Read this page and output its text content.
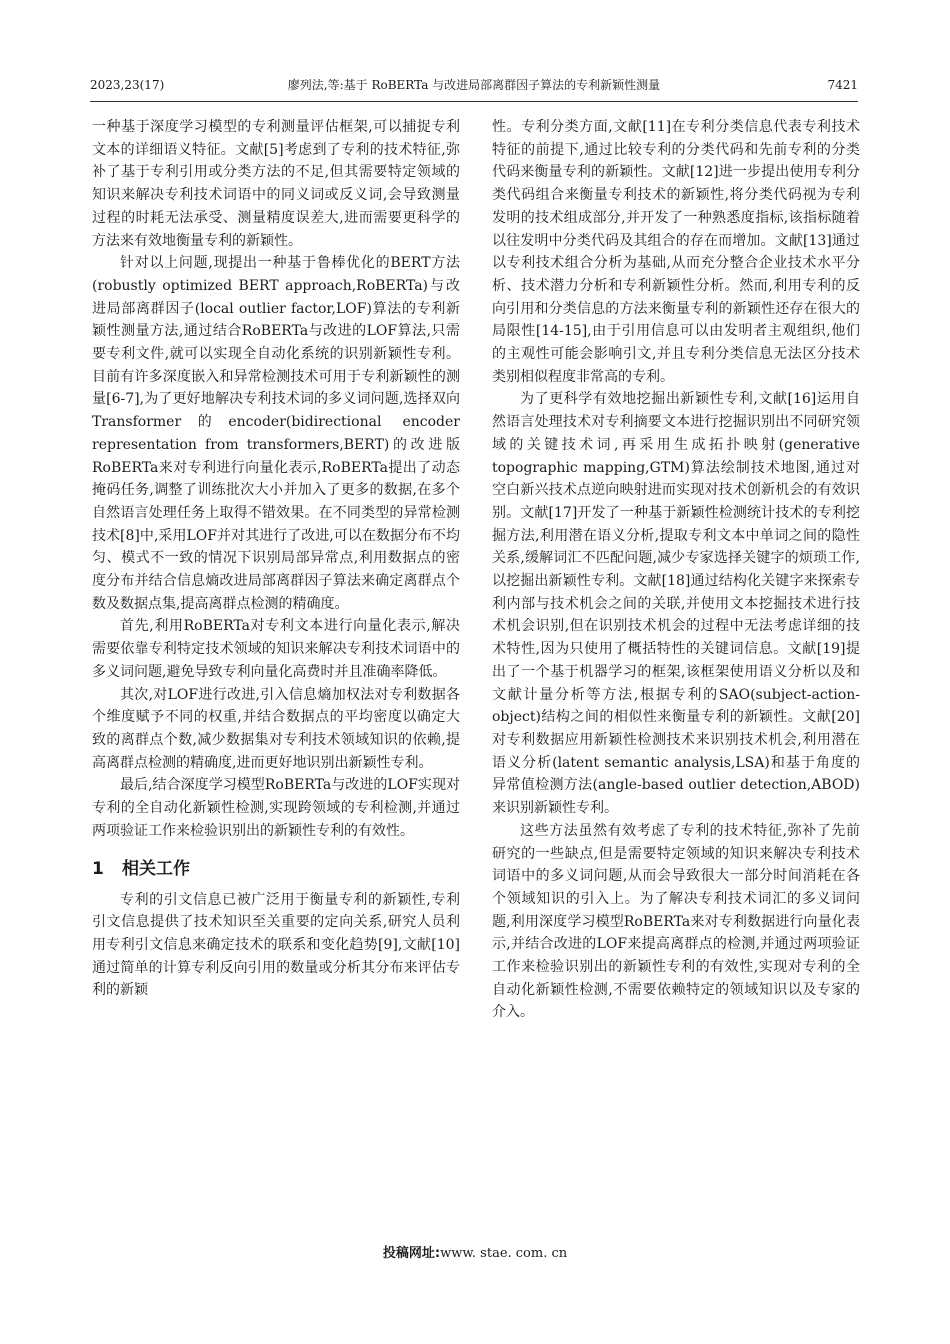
2023,23(17)	廖列法,等:基于 RoBERTa 与改进局部离群因子算法的专利新颖性测量	7421

一种基于深度学习模型的专利测量评估框架,可以捕捉专利文本的详细语义特征。文献[5]考虑到了专利的技术特征,弥补了基于专利引用或分类方法的不足,但其需要特定领域的知识来解决专利技术词语中的同义词或反义词,会导致测量过程的时耗无法承受、测量精度误差大,进而需要更科学的方法来有效地衡量专利的新颖性。

针对以上问题,现提出一种基于鲁棒优化的BERT方法(robustly optimized BERT approach,RoBERTa)与改进局部离群因子(local outlier factor,LOF)算法的专利新颖性测量方法,通过结合RoBERTa与改进的LOF算法,只需要专利文件,就可以实现全自动化系统的识别新颖性专利。目前有许多深度嵌入和异常检测技术可用于专利新颖性的测量[6-7],为了更好地解决专利技术词的多义词问题,选择双向Transformer的encoder(bidirectional encoder representation from transformers,BERT)的改进版RoBERTa来对专利进行向量化表示,RoBERTa提出了动态掩码任务,调整了训练批次大小并加入了更多的数据,在多个自然语言处理任务上取得不错效果。在不同类型的异常检测技术[8]中,采用LOF并对其进行了改进,可以在数据分布不均匀、模式不一致的情况下识别局部异常点,利用数据点的密度分布并结合信息熵改进局部离群因子算法来确定离群点个数及数据点集,提高离群点检测的精确度。

首先,利用RoBERTa对专利文本进行向量化表示,解决需要依靠专利特定技术领域的知识来解决专利技术词语中的多义词问题,避免导致专利向量化高费时并且准确率降低。

其次,对LOF进行改进,引入信息熵加权法对专利数据各个维度赋予不同的权重,并结合数据点的平均密度以确定大致的离群点个数,减少数据集对专利技术领域知识的依赖,提高离群点检测的精确度,进而更好地识别出新颖性专利。

最后,结合深度学习模型RoBERTa与改进的LOF实现对专利的全自动化新颖性检测,实现跨领域的专利检测,并通过两项验证工作来检验识别出的新颖性专利的有效性。

1 相关工作

专利的引文信息已被广泛用于衡量专利的新颖性,专利引文信息提供了技术知识至关重要的定向关系,研究人员利用专利引文信息来确定技术的联系和变化趋势[9],文献[10]通过简单的计算专利反向引用的数量或分析其分布来评估专利的新颖

性。专利分类方面,文献[11]在专利分类信息代表专利技术特征的前提下,通过比较专利的分类代码和先前专利的分类代码来衡量专利的新颖性。文献[12]进一步提出使用专利分类代码组合来衡量专利技术的新颖性,将分类代码视为专利发明的技术组成部分,并开发了一种熟悉度指标,该指标随着以往发明中分类代码及其组合的存在而增加。文献[13]通过以专利技术组合分析为基础,从而充分整合企业技术水平分析、技术潜力分析和专利新颖性分析。然而,利用专利的反向引用和分类信息的方法来衡量专利的新颖性还存在很大的局限性[14-15],由于引用信息可以由发明者主观组织,他们的主观性可能会影响引文,并且专利分类信息无法区分技术类别相似程度非常高的专利。

为了更科学有效地挖掘出新颖性专利,文献[16]运用自然语言处理技术对专利摘要文本进行挖掘识别出不同研究领域的关键技术词,再采用生成拓扑映射(generative topographic mapping,GTM)算法绘制技术地图,通过对空白新兴技术点逆向映射进而实现对技术创新机会的有效识别。文献[17]开发了一种基于新颖性检测统计技术的专利挖掘方法,利用潜在语义分析,提取专利文本中单词之间的隐性关系,缓解词汇不匹配问题,减少专家选择关键字的烦琐工作,以挖掘出新颖性专利。文献[18]通过结构化关键字来探索专利内部与技术机会之间的关联,并使用文本挖掘技术进行技术机会识别,但在识别技术机会的过程中无法考虑详细的技术特性,因为只使用了概括特性的关键词信息。文献[19]提出了一个基于机器学习的框架,该框架使用语义分析以及和文献计量分析等方法,根据专利的SAO(subject-action-object)结构之间的相似性来衡量专利的新颖性。文献[20]对专利数据应用新颖性检测技术来识别技术机会,利用潜在语义分析(latent semantic analysis,LSA)和基于角度的异常值检测方法(angle-based outlier detection,ABOD)来识别新颖性专利。

这些方法虽然有效考虑了专利的技术特征,弥补了先前研究的一些缺点,但是需要特定领域的知识来解决专利技术词语中的多义词问题,从而会导致很大一部分时间消耗在各个领域知识的引入上。为了解决专利技术词汇的多义词问题,利用深度学习模型RoBERTa来对专利数据进行向量化表示,并结合改进的LOF来提高离群点的检测,并通过两项验证工作来检验识别出的新颖性专利的有效性,实现对专利的全自动化新颖性检测,不需要依赖特定的领域知识以及专家的介入。

投稿网址:www. stae. com. cn
